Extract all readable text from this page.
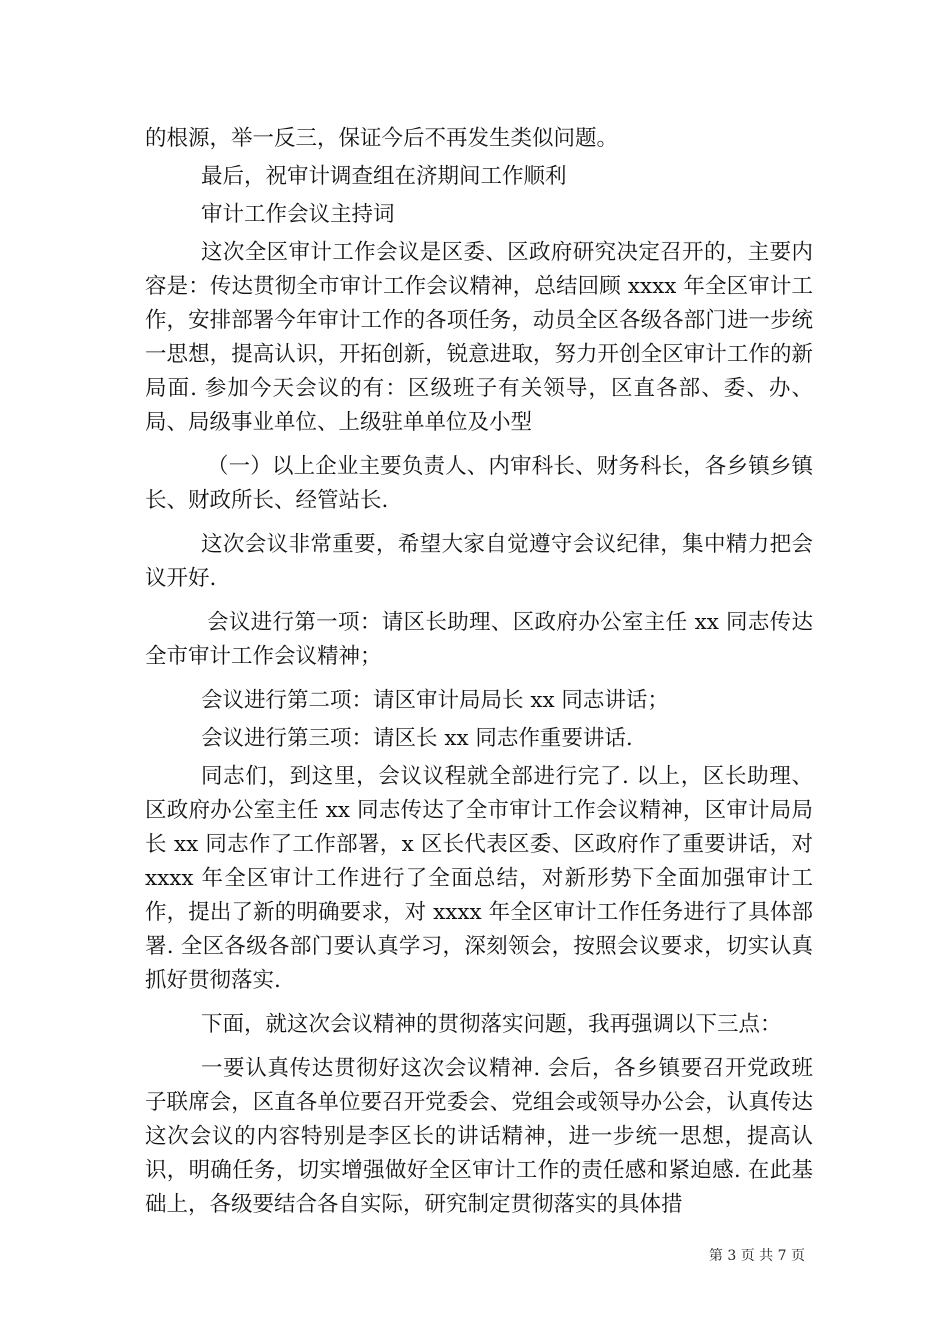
的根源，举一反三，保证今后不再发生类似问题。

最后，祝审计调查组在济期间工作顺利

审计工作会议主持词

这次全区审计工作会议是区委、区政府研究决定召开的，主要内容是：传达贯彻全市审计工作会议精神，总结回顾 xxxx 年全区审计工作，安排部署今年审计工作的各项任务，动员全区各级各部门进一步统一思想，提高认识，开拓创新，锐意进取，努力开创全区审计工作的新局面. 参加今天会议的有：区级班子有关领导，区直各部、委、办、局、局级事业单位、上级驻单单位及小型

（一）以上企业主要负责人、内审科长、财务科长，各乡镇乡镇长、财政所长、经管站长.

这次会议非常重要，希望大家自觉遵守会议纪律，集中精力把会议开好.

会议进行第一项：请区长助理、区政府办公室主任 xx 同志传达全市审计工作会议精神；

会议进行第二项：请区审计局局长 xx 同志讲话；

会议进行第三项：请区长 xx 同志作重要讲话.

同志们，到这里，会议议程就全部进行完了. 以上，区长助理、区政府办公室主任 xx 同志传达了全市审计工作会议精神，区审计局局长 xx 同志作了工作部署，x 区长代表区委、区政府作了重要讲话，对 xxxx 年全区审计工作进行了全面总结，对新形势下全面加强审计工作，提出了新的明确要求，对 xxxx 年全区审计工作任务进行了具体部署. 全区各级各部门要认真学习，深刻领会，按照会议要求，切实认真抓好贯彻落实.

下面，就这次会议精神的贯彻落实问题，我再强调以下三点：

一要认真传达贯彻好这次会议精神. 会后，各乡镇要召开党政班子联席会，区直各单位要召开党委会、党组会或领导办公会，认真传达这次会议的内容特别是李区长的讲话精神，进一步统一思想，提高认识，明确任务，切实增强做好全区审计工作的责任感和紧迫感. 在此基础上，各级要结合各自实际，研究制定贯彻落实的具体措

第 3 页 共 7 页
